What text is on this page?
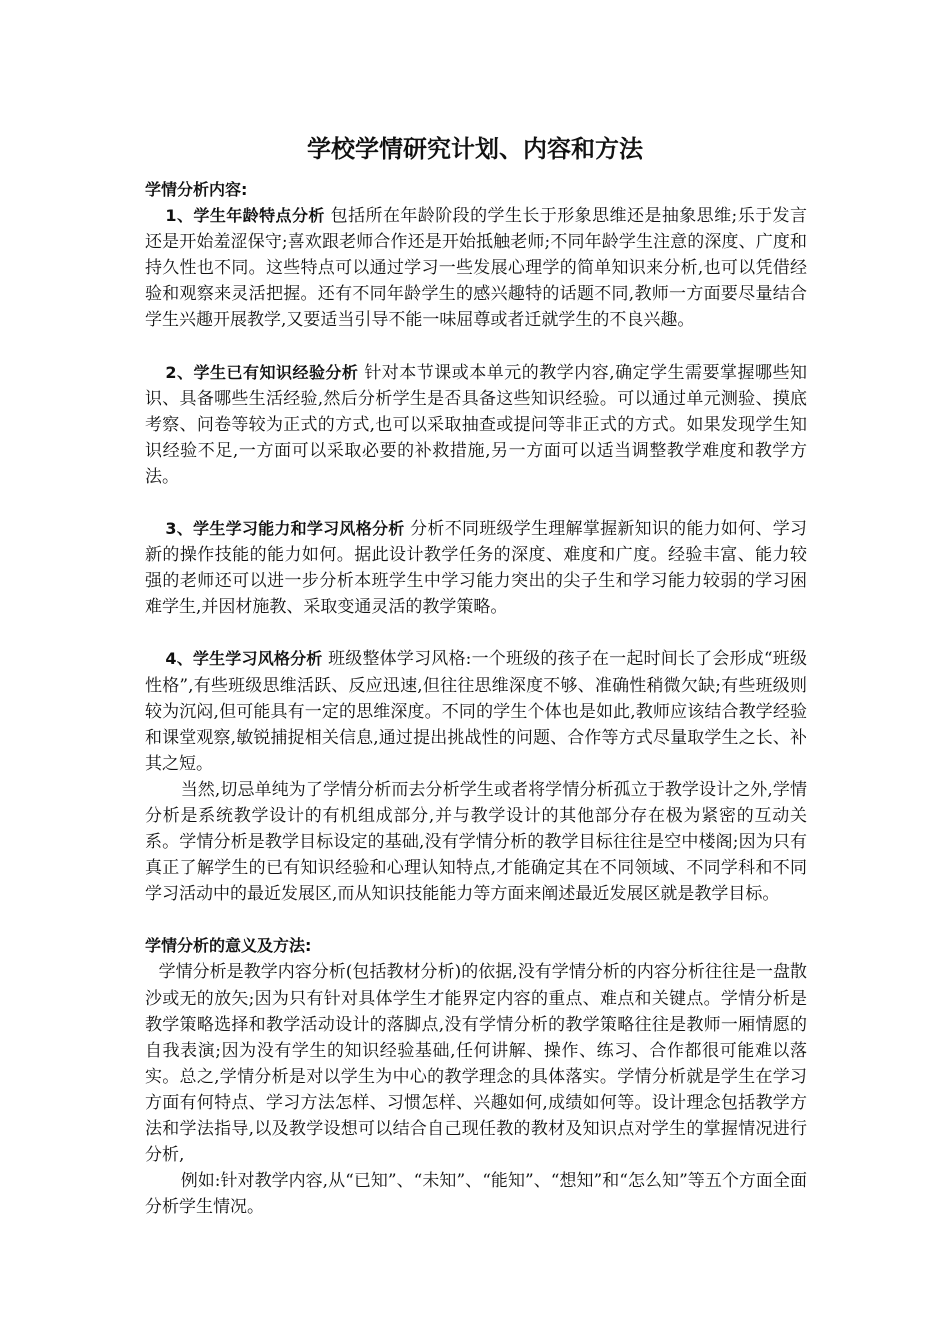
学校学情研究计划、内容和方法

学情分析内容:

1、学生年龄特点分析 包括所在年龄阶段的学生长于形象思维还是抽象思维;乐于发言还是开始羞涩保守;喜欢跟老师合作还是开始抵触老师;不同年龄学生注意的深度、广度和持久性也不同。这些特点可以通过学习一些发展心理学的简单知识来分析,也可以凭借经验和观察来灵活把握。还有不同年龄学生的感兴趣特的话题不同,教师一方面要尽量结合学生兴趣开展教学,又要适当引导不能一味屈尊或者迁就学生的不良兴趣。

2、学生已有知识经验分析 针对本节课或本单元的教学内容,确定学生需要掌握哪些知识、具备哪些生活经验,然后分析学生是否具备这些知识经验。可以通过单元测验、摸底考察、问卷等较为正式的方式,也可以采取抽查或提问等非正式的方式。如果发现学生知识经验不足,一方面可以采取必要的补救措施,另一方面可以适当调整教学难度和教学方法。

3、学生学习能力和学习风格分析 分析不同班级学生理解掌握新知识的能力如何、学习新的操作技能的能力如何。据此设计教学任务的深度、难度和广度。经验丰富、能力较强的老师还可以进一步分析本班学生中学习能力突出的尖子生和学习能力较弱的学习困难学生,并因材施教、采取变通灵活的教学策略。

4、学生学习风格分析 班级整体学习风格:一个班级的孩子在一起时间长了会形成“班级性格”,有些班级思维活跃、反应迅速,但往往思维深度不够、准确性稍微欠缺;有些班级则较为沉闷,但可能具有一定的思维深度。不同的学生个体也是如此,教师应该结合教学经验和课堂观察,敏锐捕捉相关信息,通过提出挑战性的问题、合作等方式尽量取学生之长、补其之短。

当然,切忌单纯为了学情分析而去分析学生或者将学情分析孤立于教学设计之外,学情分析是系统教学设计的有机组成部分,并与教学设计的其他部分存在极为紧密的互动关系。学情分析是教学目标设定的基础,没有学情分析的教学目标往往是空中楼阁;因为只有真正了解学生的已有知识经验和心理认知特点,才能确定其在不同领域、不同学科和不同学习活动中的最近发展区,而从知识技能能力等方面来阐述最近发展区就是教学目标。

学情分析的意义及方法:

学情分析是教学内容分析(包括教材分析)的依据,没有学情分析的内容分析往往是一盘散沙或无的放矢;因为只有针对具体学生才能界定内容的重点、难点和关键点。学情分析是教学策略选择和教学活动设计的落脚点,没有学情分析的教学策略往往是教师一厢情愿的自我表演;因为没有学生的知识经验基础,任何讲解、操作、练习、合作都很可能难以落实。总之,学情分析是对以学生为中心的教学理念的具体落实。学情分析就是学生在学习方面有何特点、学习方法怎样、习惯怎样、兴趣如何,成绩如何等。设计理念包括教学方法和学法指导,以及教学设想可以结合自己现任教的教材及知识点对学生的掌握情况进行分析,

例如:针对教学内容,从“已知”、“未知”、“能知”、“想知”和“怎么知”等五个方面全面分析学生情况。
